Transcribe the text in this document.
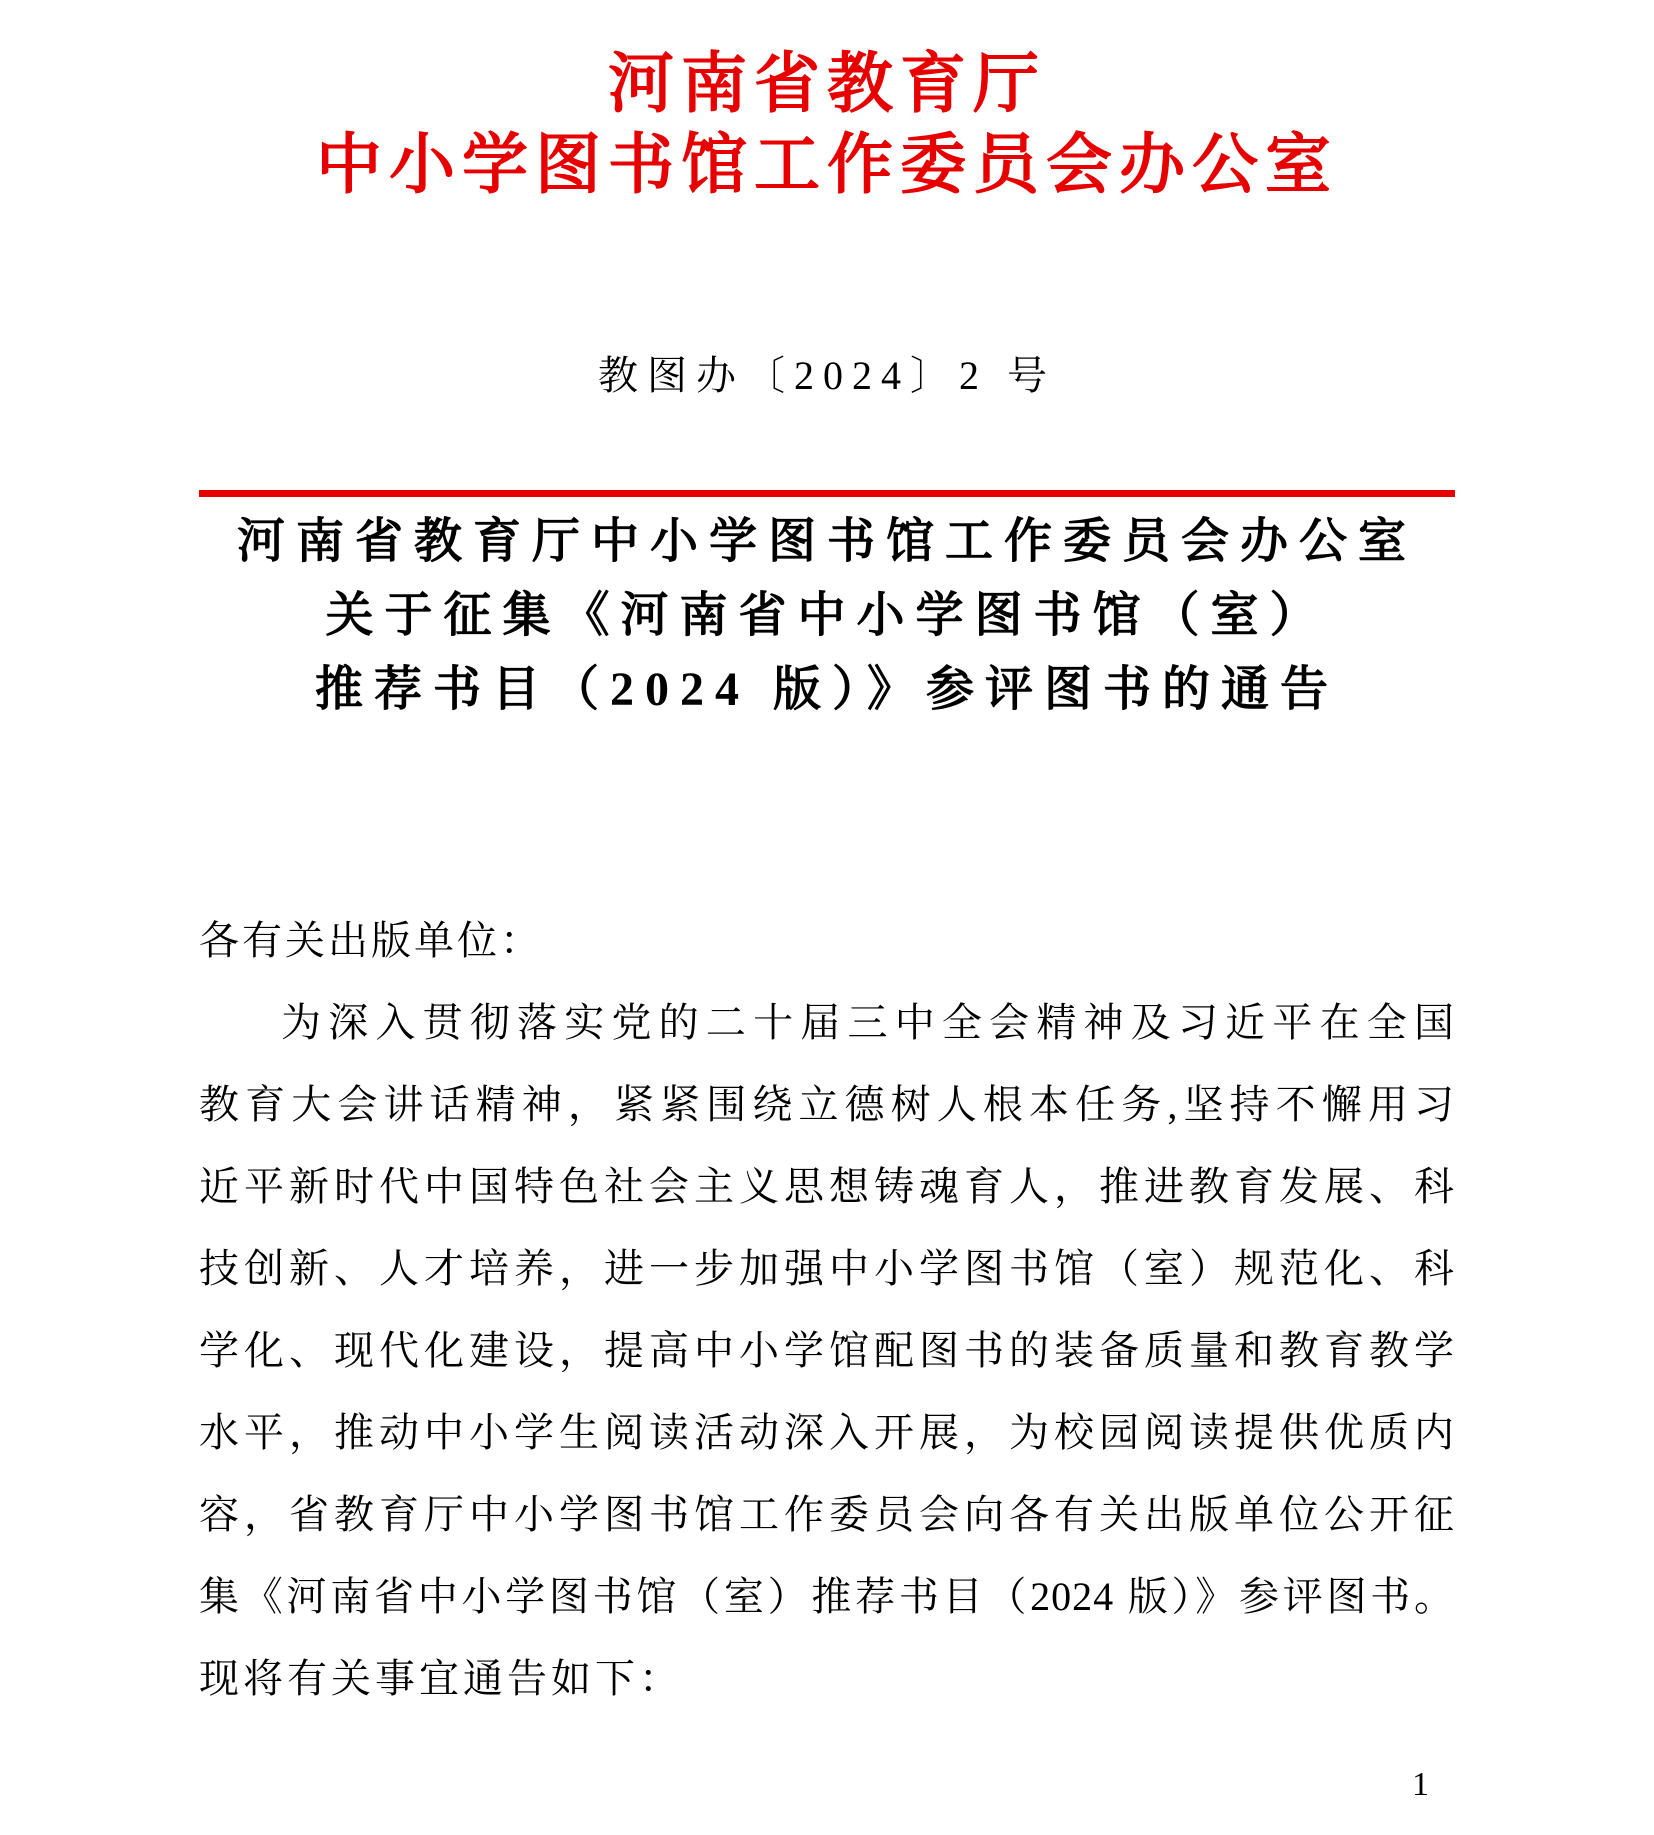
河南省教育厅
中小学图书馆工作委员会办公室
教图办〔2024〕2 号
河南省教育厅中小学图书馆工作委员会办公室
关于征集《河南省中小学图书馆（室）
推荐书目（2024 版）》参评图书的通告
各有关出版单位：
为深入贯彻落实党的二十届三中全会精神及习近平在全国
教育大会讲话精神，紧紧围绕立德树人根本任务,坚持不懈用习
近平新时代中国特色社会主义思想铸魂育人，推进教育发展、科
技创新、人才培养，进一步加强中小学图书馆（室）规范化、科
学化、现代化建设，提高中小学馆配图书的装备质量和教育教学
水平，推动中小学生阅读活动深入开展，为校园阅读提供优质内
容，省教育厅中小学图书馆工作委员会向各有关出版单位公开征
集《河南省中小学图书馆（室）推荐书目（2024 版）》参评图书。
现将有关事宜通告如下：
1
